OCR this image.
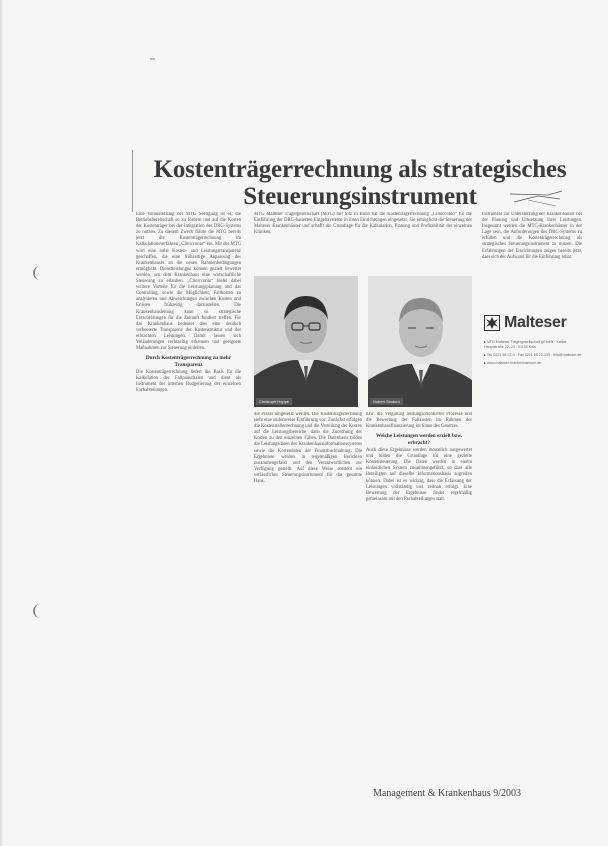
Kostenträgerrechnung als strategisches
Steuerungsinstrument
Eine Voraussetzung der MTG Seeligung ist es, die Betriebsbereitschaft so zu fördern und auf die Kosten der Kostenträger bei der Integration des DRG-Systems zu nutzen. Zu diesem Zweck führte die MTG bereits jetzt die Kostenträgerrechnung im Kalkulationsverfahren „Clinicconto“ ein. Mit der MTG wird eine hohe Kosten- und Leistungstransparenz geschaffen, die eine frühzeitige Anpassung des Krankenhauses an die neuen Rahmenbedingungen ermöglicht. Dienstleistungen können gezielt bewertet werden, um dem Krankenhaus eine wirtschaftliche Steuerung zu erlauben. „Clinicconto“ bietet dabei weitere Vorteile für die Leistungsplanung und das Controlling, sowie die Möglichkeit, Fallkosten zu analysieren und Abweichungen zwischen Kosten und Erlösen frühzeitig darzustellen. Die Krankenhausleitung kann so strategische Entscheidungen für die Zukunft fundiert treffen. Für das Krankenhaus bedeutet dies eine deutlich verbesserte Transparenz der Kostenstruktur und der erbrachten Leistungen. Damit lassen sich Veränderungen rechtzeitig erkennen und geeignete Maßnahmen zur Steuerung einleiten.
Durch Kostenträgerrechnung zu mehr Transparenz
Die Kostenträgerrechnung liefert die Basis für die Kalkulation der Fallpauschalen und dient als Instrument der internen Budgetierung der einzelnen Fachabteilungen.
MTG Malteser Trägergesellschaft (MTG) mit Sitz in Bonn hat die Kostenträgerrechnung „Clinicconto“ für die Einführung der DRG-basierten Entgeltsysteme in ihren Einrichtungen eingesetzt. Sie ermöglicht die Steuerung der Malteser Krankenhäuser und schafft die Grundlage für die Kalkulation, Planung und Profitabilität der einzelnen Kliniken.
Christoph Hoppe	Hubert Sindorn
die Praxis umgesetzt werden. Die Kostenträgerrechnung sieht eine stufenweise Einführung vor: Zunächst erfolgen die Kostenstellenrechnung und die Verteilung der Kosten auf die Leistungsbereiche, dann die Zuordnung der Kosten zu den einzelnen Fällen. Die Datenbasis bilden die Leistungsdaten des Krankenhausinformationssystems sowie die Kostendaten der Finanzbuchhaltung. Die Ergebnisse werden in regelmäßigen Berichten zusammengefasst und den Verantwortlichen zur Verfügung gestellt. Auf diese Weise entsteht ein verlässliches Steuerungsinstrument für das gesamte Haus.
bzw. die Vergütung leistungsorientierter Prozesse und die Bewertung der Fallkosten im Rahmen der Krankenhausfinanzierung im Sinne des Gesetzes.
Welche Leistungen werden erzielt bzw. erbracht?
Auch diese Ergebnisse werden monatlich ausgewertet und bilden die Grundlage für eine gezielte Kostensteuerung. Die Daten werden in einem einheitlichen System zusammengeführt, so dass alle Beteiligten auf dieselbe Informationsbasis zugreifen können. Dabei ist es wichtig, dass die Erfassung der Leistungen vollständig und zeitnah erfolgt. Eine Bewertung der Ergebnisse findet regelmäßig gemeinsam mit den Fachabteilungen statt.
Instrument zur Unterstützung der Krankenhäuser bei der Planung und Umsetzung ihrer Leistungen. Insgesamt werden die MTG-Krankenhäuser in der Lage sein, die Anforderungen des DRG-Systems zu erfüllen und die Kostenträgerrechnung als strategisches Steuerungsinstrument zu nutzen. Die Erfahrungen der Einrichtungen zeigen bereits jetzt, dass sich der Aufwand für die Einführung lohnt.
Malteser

▸ MTG Malteser Trägergesellschaft gGmbH · Kalker Hauptstraße 22–24 · 51103 Köln

▸ Tel. 0221 98 22-0 · Fax 0221 98 22-199 · info@malteser.de

▸ www.malteser-krankenhaeuser.de

Management & Krankenhaus 9/2003
